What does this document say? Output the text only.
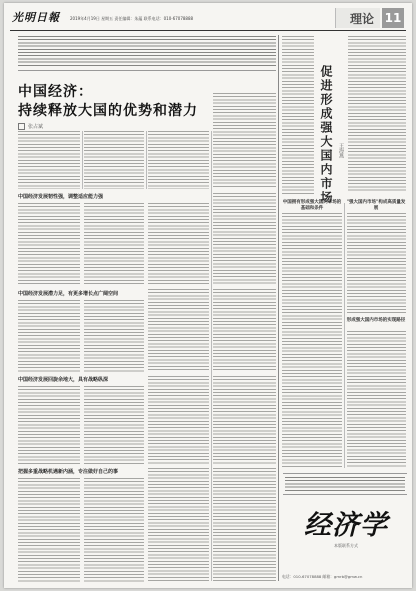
光明日報	2019年4月19日 星期五 责任编辑：朱蕴 联系电话：010-67078888	理论 11
中国经济：
持续释放大国的优势和潜力
张占斌
中国经济发展韧性强，调整适应能力强
中国经济发展潜力足，有更多增长点广阔空间
中国经济发展回旋余地大，具有战略纵深
把握多重战略机遇新内涵，专注做好自己的事
促进形成强大国内市场 王海燕
中国拥有形成强大国内市场的基础和条件
"强大国内市场"构成高质量发展
形成强大国内市场的实现路径
经济学
本版联系方式
电话：010-67078888 邮箱：gmrb@gmw.cn
